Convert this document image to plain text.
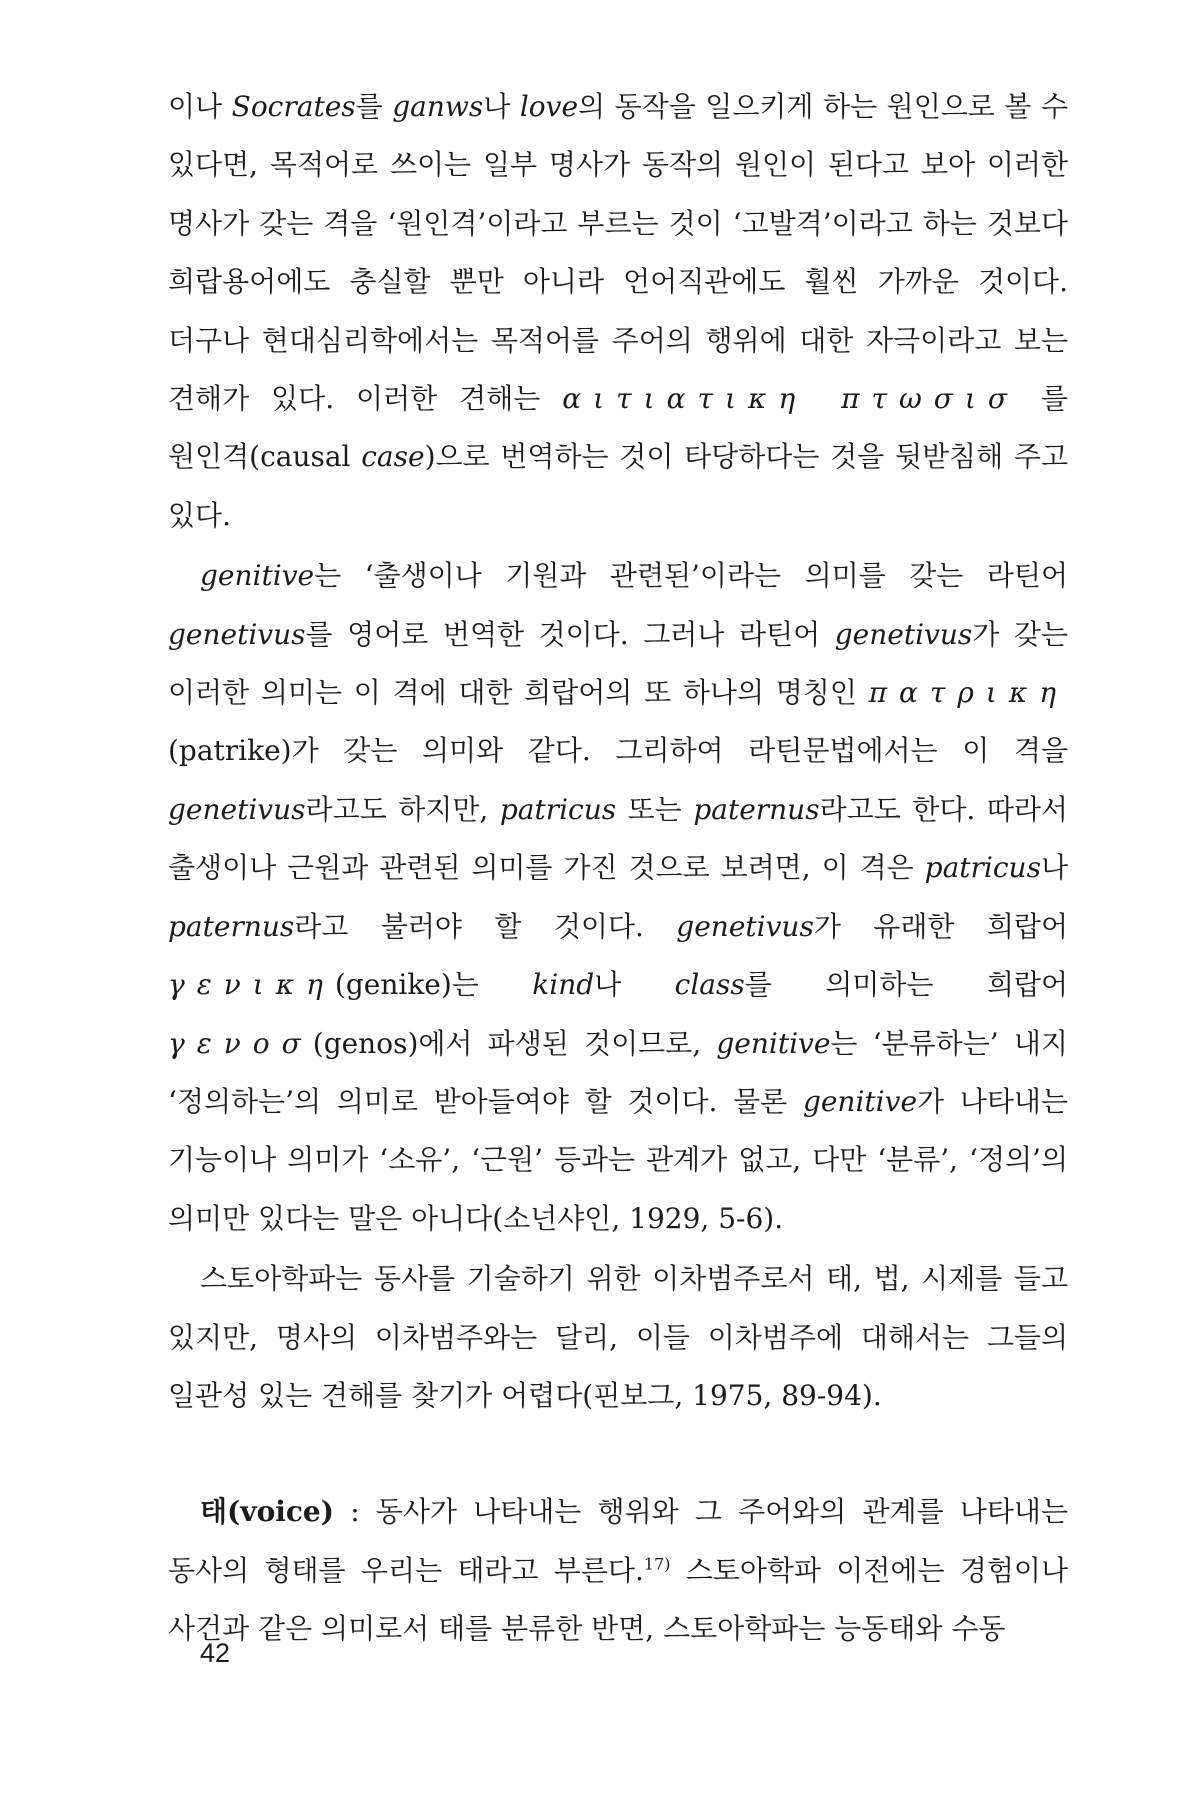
이나 Socrates를 ganws나 love의 동작을 일으키게 하는 원인으로 볼 수 있다면, 목적어로 쓰이는 일부 명사가 동작의 원인이 된다고 보아 이러한 명사가 갖는 격을 ‘원인격’이라고 부르는 것이 ‘고발격’이라고 하는 것보다 희랍용어에도 충실할 뿐만 아니라 언어직관에도 훨씬 가까운 것이다. 더구나 현대심리학에서는 목적어를 주어의 행위에 대한 자극이라고 보는 견해가 있다. 이러한 견해는 αιτιατικη πτωσισ 를 원인격(causal case)으로 번역하는 것이 타당하다는 것을 뒷받침해 주고 있다.

genitive는 ‘출생이나 기원과 관련된’이라는 의미를 갖는 라틴어 genetivus를 영어로 번역한 것이다. 그러나 라틴어 genetivus가 갖는 이러한 의미는 이 격에 대한 희랍어의 또 하나의 명칭인 πατρικη (patrike)가 갖는 의미와 같다. 그리하여 라틴문법에서는 이 격을 genetivus라고도 하지만, patricus 또는 paternus라고도 한다. 따라서 출생이나 근원과 관련된 의미를 가진 것으로 보려면, 이 격은 patricus나 paternus라고 불러야 할 것이다. genetivus가 유래한 희랍어 γενικη(genike)는 kind나 class를 의미하는 희랍어 γενοσ(genos)에서 파생된 것이므로, genitive는 ‘분류하는’ 내지 ‘정의하는’의 의미로 받아들여야 할 것이다. 물론 genitive가 나타내는 기능이나 의미가 ‘소유’, ‘근원’ 등과는 관계가 없고, 다만 ‘분류’, ‘정의’의 의미만 있다는 말은 아니다(소넌샤인, 1929, 5-6).

스토아학파는 동사를 기술하기 위한 이차범주로서 태, 법, 시제를 들고 있지만, 명사의 이차범주와는 달리, 이들 이차범주에 대해서는 그들의 일관성 있는 견해를 찾기가 어렵다(핀보그, 1975, 89-94).

태(voice) : 동사가 나타내는 행위와 그 주어와의 관계를 나타내는 동사의 형태를 우리는 태라고 부른다.$^{17)}$ 스토아학파 이전에는 경험이나 사건과 같은 의미로서 태를 분류한 반면, 스토아학파는 능동태와 수동

42
